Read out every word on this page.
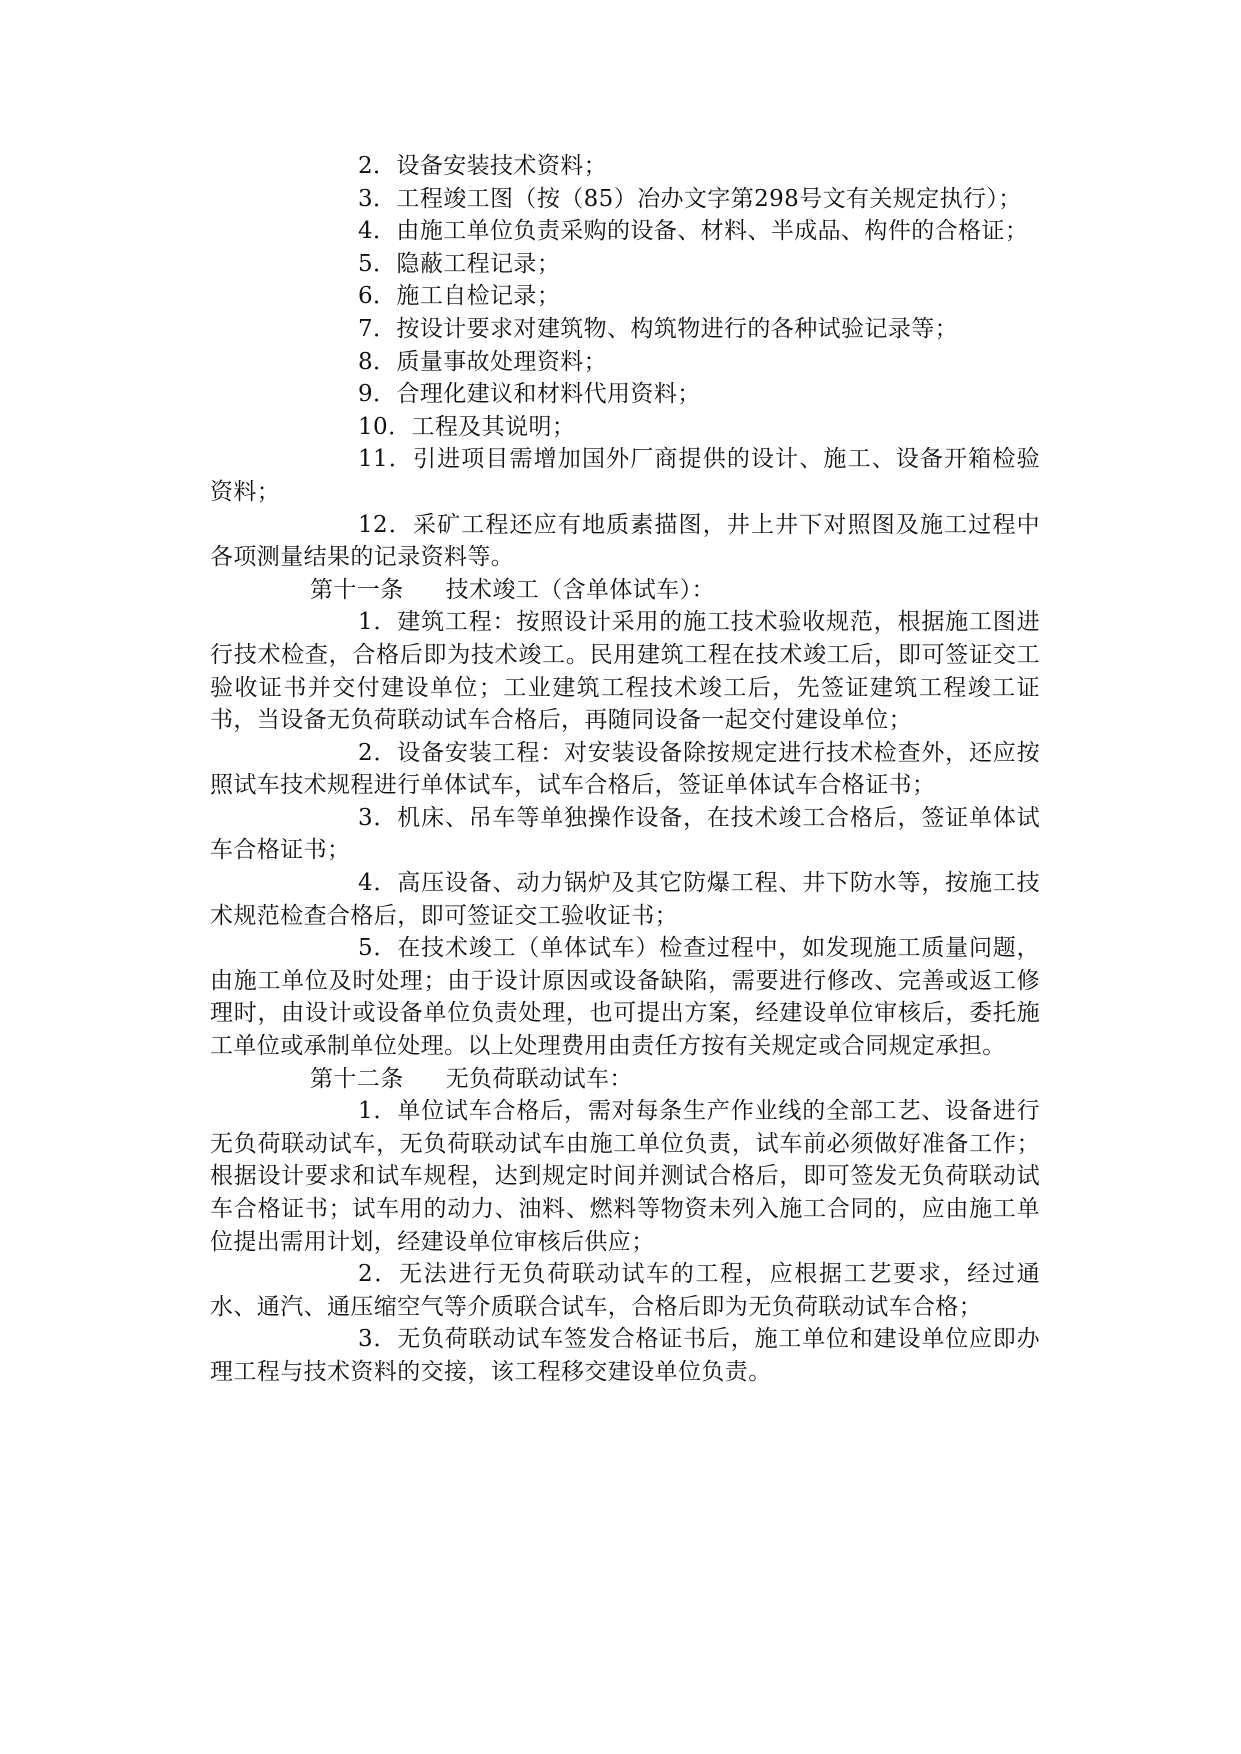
2．设备安装技术资料；

3．工程竣工图（按（85）冶办文字第298号文有关规定执行）；

4．由施工单位负责采购的设备、材料、半成品、构件的合格证；

5．隐蔽工程记录；

6．施工自检记录；

7．按设计要求对建筑物、构筑物进行的各种试验记录等；

8．质量事故处理资料；

9．合理化建议和材料代用资料；

10．工程及其说明；

11．引进项目需增加国外厂商提供的设计、施工、设备开箱检验资料；

12．采矿工程还应有地质素描图，井上井下对照图及施工过程中各项测量结果的记录资料等。

第十一条 技术竣工（含单体试车）：

1．建筑工程：按照设计采用的施工技术验收规范，根据施工图进行技术检查，合格后即为技术竣工。民用建筑工程在技术竣工后，即可签证交工验收证书并交付建设单位；工业建筑工程技术竣工后，先签证建筑工程竣工证书，当设备无负荷联动试车合格后，再随同设备一起交付建设单位；

2．设备安装工程：对安装设备除按规定进行技术检查外，还应按照试车技术规程进行单体试车，试车合格后，签证单体试车合格证书；

3．机床、吊车等单独操作设备，在技术竣工合格后，签证单体试车合格证书；

4．高压设备、动力锅炉及其它防爆工程、井下防水等，按施工技术规范检查合格后，即可签证交工验收证书；

5．在技术竣工（单体试车）检查过程中，如发现施工质量问题，由施工单位及时处理；由于设计原因或设备缺陷，需要进行修改、完善或返工修理时，由设计或设备单位负责处理，也可提出方案，经建设单位审核后，委托施工单位或承制单位处理。以上处理费用由责任方按有关规定或合同规定承担。

第十二条 无负荷联动试车：

1．单位试车合格后，需对每条生产作业线的全部工艺、设备进行无负荷联动试车，无负荷联动试车由施工单位负责，试车前必须做好准备工作；根据设计要求和试车规程，达到规定时间并测试合格后，即可签发无负荷联动试车合格证书；试车用的动力、油料、燃料等物资未列入施工合同的，应由施工单位提出需用计划，经建设单位审核后供应；

2．无法进行无负荷联动试车的工程，应根据工艺要求，经过通水、通汽、通压缩空气等介质联合试车，合格后即为无负荷联动试车合格；

3．无负荷联动试车签发合格证书后，施工单位和建设单位应即办理工程与技术资料的交接，该工程移交建设单位负责。
